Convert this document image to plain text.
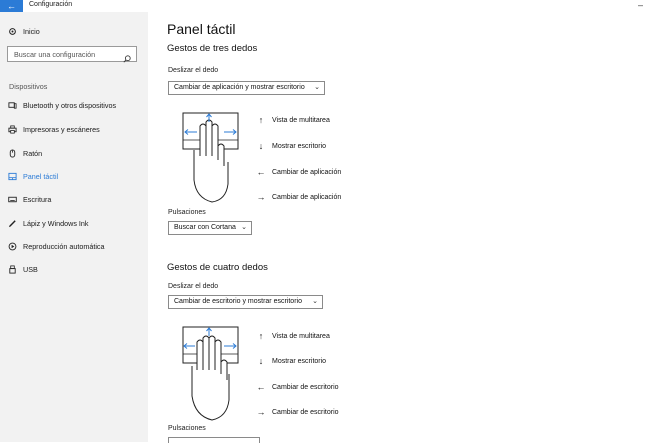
← Configuración	–
Inicio
Buscar una configuración
Dispositivos
Bluetooth y otros dispositivos
Impresoras y escáneres
Ratón
Panel táctil
Escritura
Lápiz y Windows Ink
Reproducción automática
USB
Panel táctil
Gestos de tres dedos
Deslizar el dedo
Cambiar de aplicación y mostrar escritorio ⌄
↑	Vista de multitarea
↓	Mostrar escritorio
← Cambiar de aplicación
→ Cambiar de aplicación
Pulsaciones
Buscar con Cortana ⌄
Gestos de cuatro dedos
Deslizar el dedo
Cambiar de escritorio y mostrar escritorio ⌄
↑	Vista de multitarea
↓	Mostrar escritorio
← Cambiar de escritorio
→ Cambiar de escritorio
Pulsaciones
